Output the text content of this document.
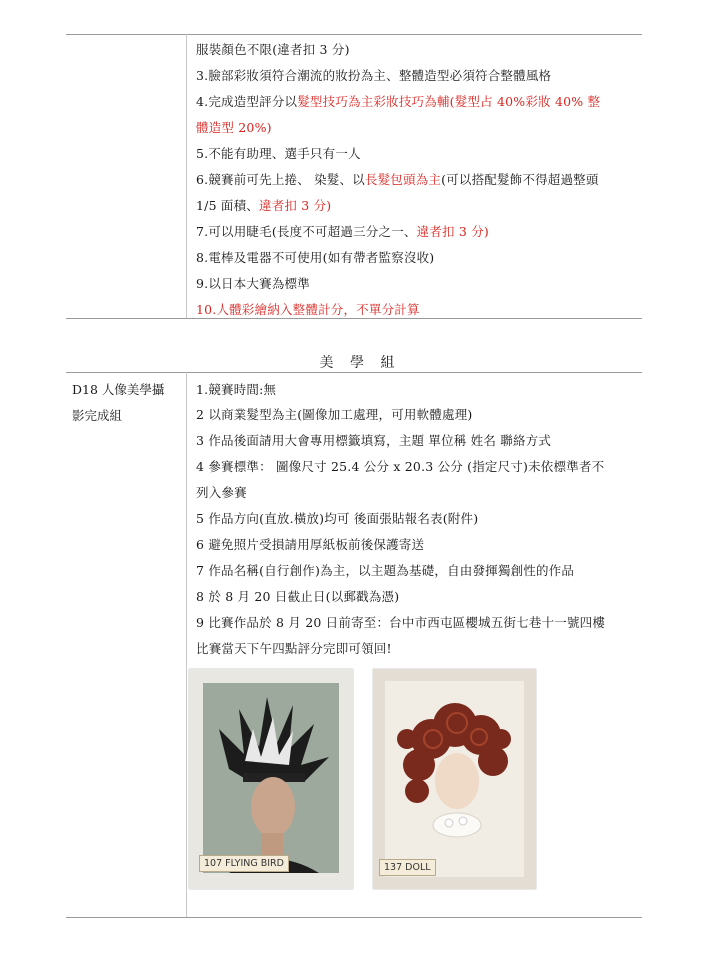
服裝顏色不限(違者扣 3 分)
3.臉部彩妝須符合潮流的妝扮為主、整體造型必須符合整體風格
4.完成造型評分以髮型技巧為主彩妝技巧為輔(髮型占 40%彩妝 40% 整
體造型 20%)
5.不能有助理、選手只有一人
6.競賽前可先上捲、 染髮、以長髮包頭為主(可以搭配髮飾不得超過整頭
1/5 面積、違者扣 3 分)
7.可以用睫毛(長度不可超過三分之一、違者扣 3 分)
8.電棒及電器不可使用(如有帶者監察沒收)
9.以日本大賽為標準
10.人體彩繪納入整體計分，不單分計算
美 學 組
D18 人像美學攝
影完成組
1.競賽時間:無
2 以商業髮型為主(圖像加工處理，可用軟體處理)
3 作品後面請用大會專用標籤填寫，主題 單位稱 姓名 聯絡方式
4 參賽標準： 圖像尺寸 25.4 公分 x 20.3 公分 (指定尺寸)未依標準者不
列入參賽
5 作品方向(直放.橫放)均可 後面張貼報名表(附件)
6 避免照片受損請用厚紙板前後保護寄送
7 作品名稱(自行創作)為主，以主題為基礎，自由發揮獨創性的作品
8 於 8 月 20 日截止日(以郵戳為憑)
9 比賽作品於 8 月 20 日前寄至：台中市西屯區櫻城五街七巷十一號四樓
比賽當天下午四點評分完即可領回!
107 FLYING BIRD	137 DOLL
